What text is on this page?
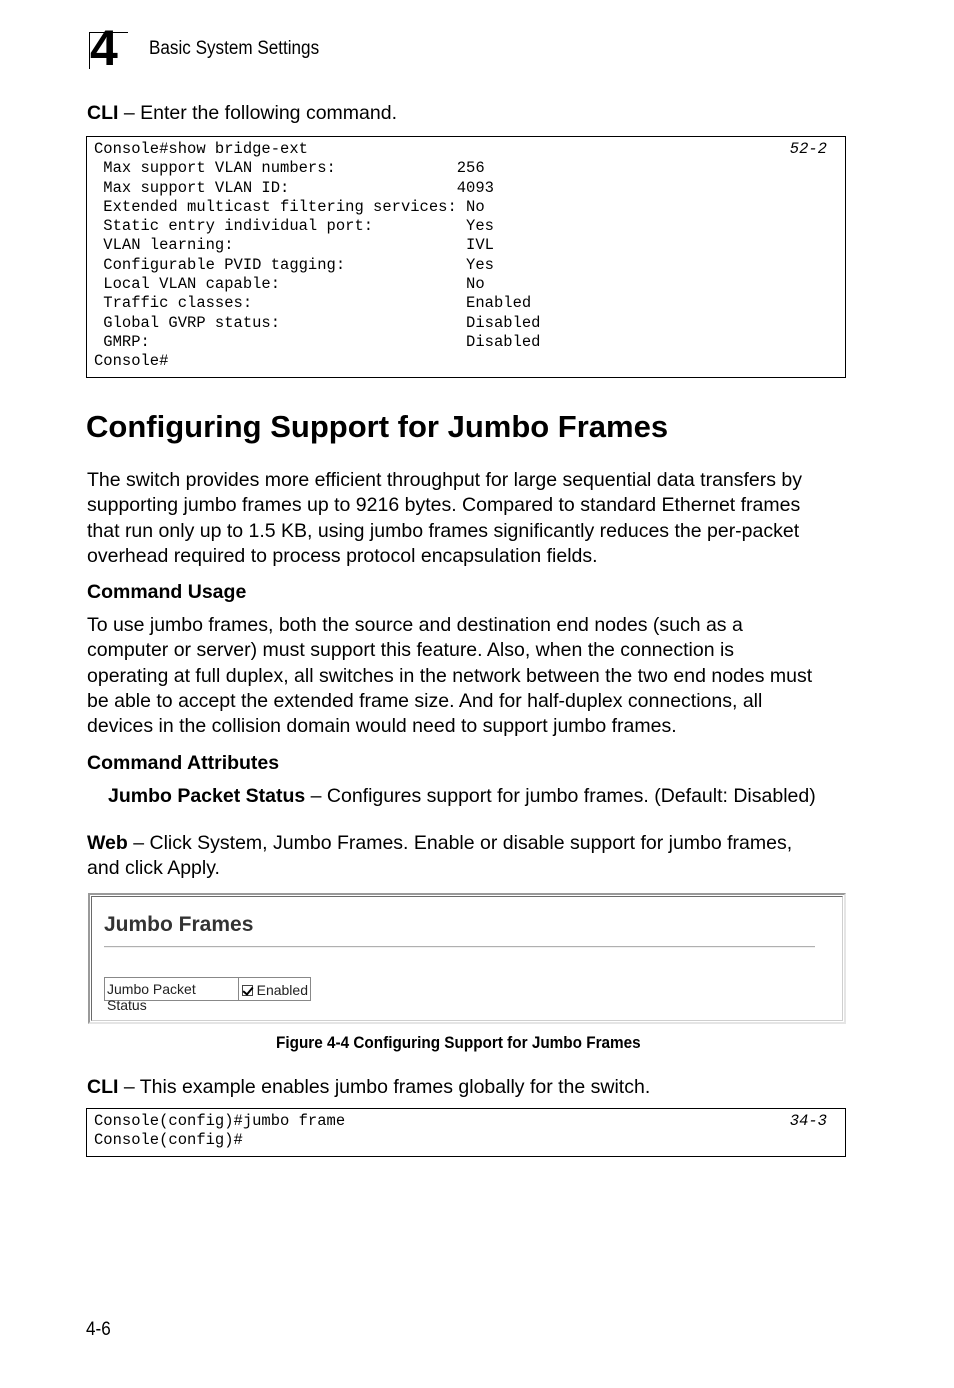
4 Basic System Settings

CLI – Enter the following command.

Console#show bridge-ext	52-2
Max support VLAN numbers:             256
Max support VLAN ID:                  4093
Extended multicast filtering services: No
Static entry individual port:          Yes
VLAN learning:                         IVL
Configurable PVID tagging:             Yes
Local VLAN capable:                    No
Traffic classes:                       Enabled
Global GVRP status:                    Disabled
GMRP:                                  Disabled
Console#
Configuring Support for Jumbo Frames

The switch provides more efficient throughput for large sequential data transfers by
supporting jumbo frames up to 9216 bytes. Compared to standard Ethernet frames
that run only up to 1.5 KB, using jumbo frames significantly reduces the per-packet
overhead required to process protocol encapsulation fields.

Command Usage

To use jumbo frames, both the source and destination end nodes (such as a
computer or server) must support this feature. Also, when the connection is
operating at full duplex, all switches in the network between the two end nodes must
be able to accept the extended frame size. And for half-duplex connections, all
devices in the collision domain would need to support jumbo frames.

Command Attributes

Jumbo Packet Status – Configures support for jumbo frames. (Default: Disabled)

Web – Click System, Jumbo Frames. Enable or disable support for jumbo frames,
and click Apply.

Jumbo Frames
Jumbo Packet Status
Enabled
Figure 4-4 Configuring Support for Jumbo Frames

CLI – This example enables jumbo frames globally for the switch.

Console(config)#jumbo frame	34-3
Console(config)#
4-6
